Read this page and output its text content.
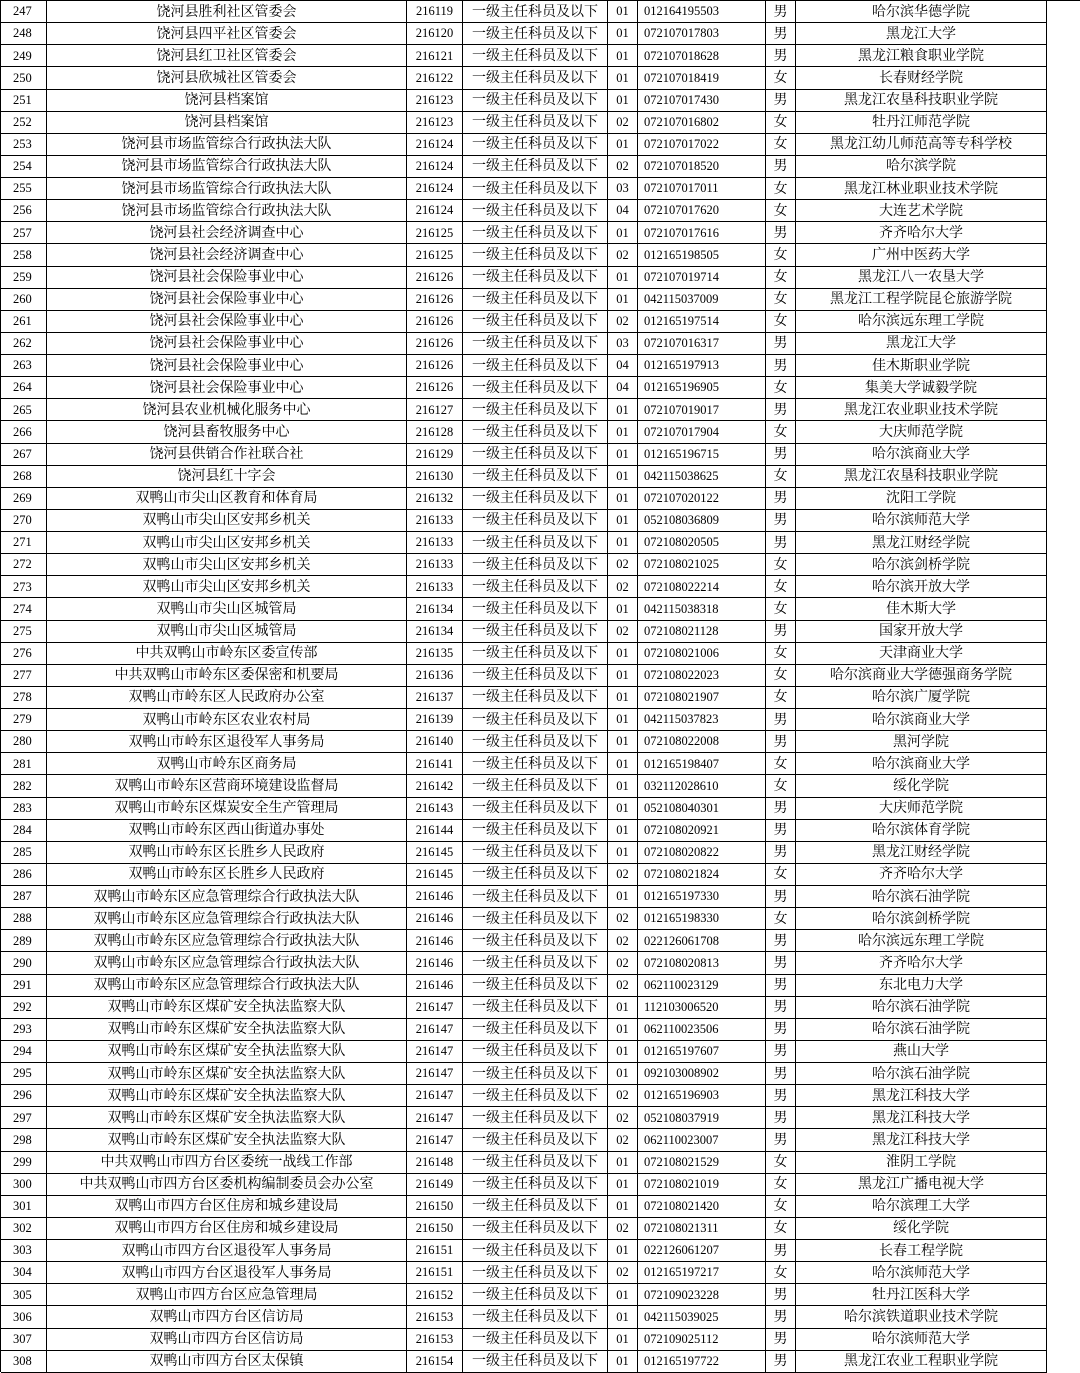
247	饶河县胜利社区管委会	216119	一级主任科员及以下	01	012164195503	男	哈尔滨华德学院
248	饶河县四平社区管委会	216120	一级主任科员及以下	01	072107017803	男	黑龙江大学
249	饶河县红卫社区管委会	216121	一级主任科员及以下	01	072107018628	男	黑龙江粮食职业学院
250	饶河县欣城社区管委会	216122	一级主任科员及以下	01	072107018419	女	长春财经学院
251	饶河县档案馆	216123	一级主任科员及以下	01	072107017430	男	黑龙江农垦科技职业学院
252	饶河县档案馆	216123	一级主任科员及以下	02	072107016802	女	牡丹江师范学院
253	饶河县市场监管综合行政执法大队	216124	一级主任科员及以下	01	072107017022	女	黑龙江幼儿师范高等专科学校
254	饶河县市场监管综合行政执法大队	216124	一级主任科员及以下	02	072107018520	男	哈尔滨学院
255	饶河县市场监管综合行政执法大队	216124	一级主任科员及以下	03	072107017011	女	黑龙江林业职业技术学院
256	饶河县市场监管综合行政执法大队	216124	一级主任科员及以下	04	072107017620	女	大连艺术学院
257	饶河县社会经济调查中心	216125	一级主任科员及以下	01	072107017616	男	齐齐哈尔大学
258	饶河县社会经济调查中心	216125	一级主任科员及以下	02	012165198505	女	广州中医药大学
259	饶河县社会保险事业中心	216126	一级主任科员及以下	01	072107019714	女	黑龙江八一农垦大学
260	饶河县社会保险事业中心	216126	一级主任科员及以下	01	042115037009	女	黑龙江工程学院昆仑旅游学院
261	饶河县社会保险事业中心	216126	一级主任科员及以下	02	012165197514	女	哈尔滨远东理工学院
262	饶河县社会保险事业中心	216126	一级主任科员及以下	03	072107016317	男	黑龙江大学
263	饶河县社会保险事业中心	216126	一级主任科员及以下	04	012165197913	男	佳木斯职业学院
264	饶河县社会保险事业中心	216126	一级主任科员及以下	04	012165196905	女	集美大学诚毅学院
265	饶河县农业机械化服务中心	216127	一级主任科员及以下	01	072107019017	男	黑龙江农业职业技术学院
266	饶河县畜牧服务中心	216128	一级主任科员及以下	01	072107017904	女	大庆师范学院
267	饶河县供销合作社联合社	216129	一级主任科员及以下	01	012165196715	男	哈尔滨商业大学
268	饶河县红十字会	216130	一级主任科员及以下	01	042115038625	女	黑龙江农垦科技职业学院
269	双鸭山市尖山区教育和体育局	216132	一级主任科员及以下	01	072107020122	男	沈阳工学院
270	双鸭山市尖山区安邦乡机关	216133	一级主任科员及以下	01	052108036809	男	哈尔滨师范大学
271	双鸭山市尖山区安邦乡机关	216133	一级主任科员及以下	01	072108020505	男	黑龙江财经学院
272	双鸭山市尖山区安邦乡机关	216133	一级主任科员及以下	02	072108021025	女	哈尔滨剑桥学院
273	双鸭山市尖山区安邦乡机关	216133	一级主任科员及以下	02	072108022214	女	哈尔滨开放大学
274	双鸭山市尖山区城管局	216134	一级主任科员及以下	01	042115038318	女	佳木斯大学
275	双鸭山市尖山区城管局	216134	一级主任科员及以下	02	072108021128	男	国家开放大学
276	中共双鸭山市岭东区委宣传部	216135	一级主任科员及以下	01	072108021006	女	天津商业大学
277	中共双鸭山市岭东区委保密和机要局	216136	一级主任科员及以下	01	072108022023	女	哈尔滨商业大学德强商务学院
278	双鸭山市岭东区人民政府办公室	216137	一级主任科员及以下	01	072108021907	女	哈尔滨广厦学院
279	双鸭山市岭东区农业农村局	216139	一级主任科员及以下	01	042115037823	男	哈尔滨商业大学
280	双鸭山市岭东区退役军人事务局	216140	一级主任科员及以下	01	072108022008	男	黑河学院
281	双鸭山市岭东区商务局	216141	一级主任科员及以下	01	012165198407	女	哈尔滨商业大学
282	双鸭山市岭东区营商环境建设监督局	216142	一级主任科员及以下	01	032112028610	女	绥化学院
283	双鸭山市岭东区煤炭安全生产管理局	216143	一级主任科员及以下	01	052108040301	男	大庆师范学院
284	双鸭山市岭东区西山街道办事处	216144	一级主任科员及以下	01	072108020921	男	哈尔滨体育学院
285	双鸭山市岭东区长胜乡人民政府	216145	一级主任科员及以下	01	072108020822	男	黑龙江财经学院
286	双鸭山市岭东区长胜乡人民政府	216145	一级主任科员及以下	02	072108021824	女	齐齐哈尔大学
287	双鸭山市岭东区应急管理综合行政执法大队	216146	一级主任科员及以下	01	012165197330	男	哈尔滨石油学院
288	双鸭山市岭东区应急管理综合行政执法大队	216146	一级主任科员及以下	02	012165198330	女	哈尔滨剑桥学院
289	双鸭山市岭东区应急管理综合行政执法大队	216146	一级主任科员及以下	02	022126061708	男	哈尔滨远东理工学院
290	双鸭山市岭东区应急管理综合行政执法大队	216146	一级主任科员及以下	02	072108020813	男	齐齐哈尔大学
291	双鸭山市岭东区应急管理综合行政执法大队	216146	一级主任科员及以下	02	062110023129	男	东北电力大学
292	双鸭山市岭东区煤矿安全执法监察大队	216147	一级主任科员及以下	01	112103006520	男	哈尔滨石油学院
293	双鸭山市岭东区煤矿安全执法监察大队	216147	一级主任科员及以下	01	062110023506	男	哈尔滨石油学院
294	双鸭山市岭东区煤矿安全执法监察大队	216147	一级主任科员及以下	01	012165197607	男	燕山大学
295	双鸭山市岭东区煤矿安全执法监察大队	216147	一级主任科员及以下	01	092103008902	男	哈尔滨石油学院
296	双鸭山市岭东区煤矿安全执法监察大队	216147	一级主任科员及以下	02	012165196903	男	黑龙江科技大学
297	双鸭山市岭东区煤矿安全执法监察大队	216147	一级主任科员及以下	02	052108037919	男	黑龙江科技大学
298	双鸭山市岭东区煤矿安全执法监察大队	216147	一级主任科员及以下	02	062110023007	男	黑龙江科技大学
299	中共双鸭山市四方台区委统一战线工作部	216148	一级主任科员及以下	01	072108021529	女	淮阴工学院
300	中共双鸭山市四方台区委机构编制委员会办公室	216149	一级主任科员及以下	01	072108021019	女	黑龙江广播电视大学
301	双鸭山市四方台区住房和城乡建设局	216150	一级主任科员及以下	01	072108021420	女	哈尔滨理工大学
302	双鸭山市四方台区住房和城乡建设局	216150	一级主任科员及以下	02	072108021311	女	绥化学院
303	双鸭山市四方台区退役军人事务局	216151	一级主任科员及以下	01	022126061207	男	长春工程学院
304	双鸭山市四方台区退役军人事务局	216151	一级主任科员及以下	02	012165197217	女	哈尔滨师范大学
305	双鸭山市四方台区应急管理局	216152	一级主任科员及以下	01	072109023228	男	牡丹江医科大学
306	双鸭山市四方台区信访局	216153	一级主任科员及以下	01	042115039025	男	哈尔滨铁道职业技术学院
307	双鸭山市四方台区信访局	216153	一级主任科员及以下	01	072109025112	男	哈尔滨师范大学
308	双鸭山市四方台区太保镇	216154	一级主任科员及以下	01	012165197722	男	黑龙江农业工程职业学院
